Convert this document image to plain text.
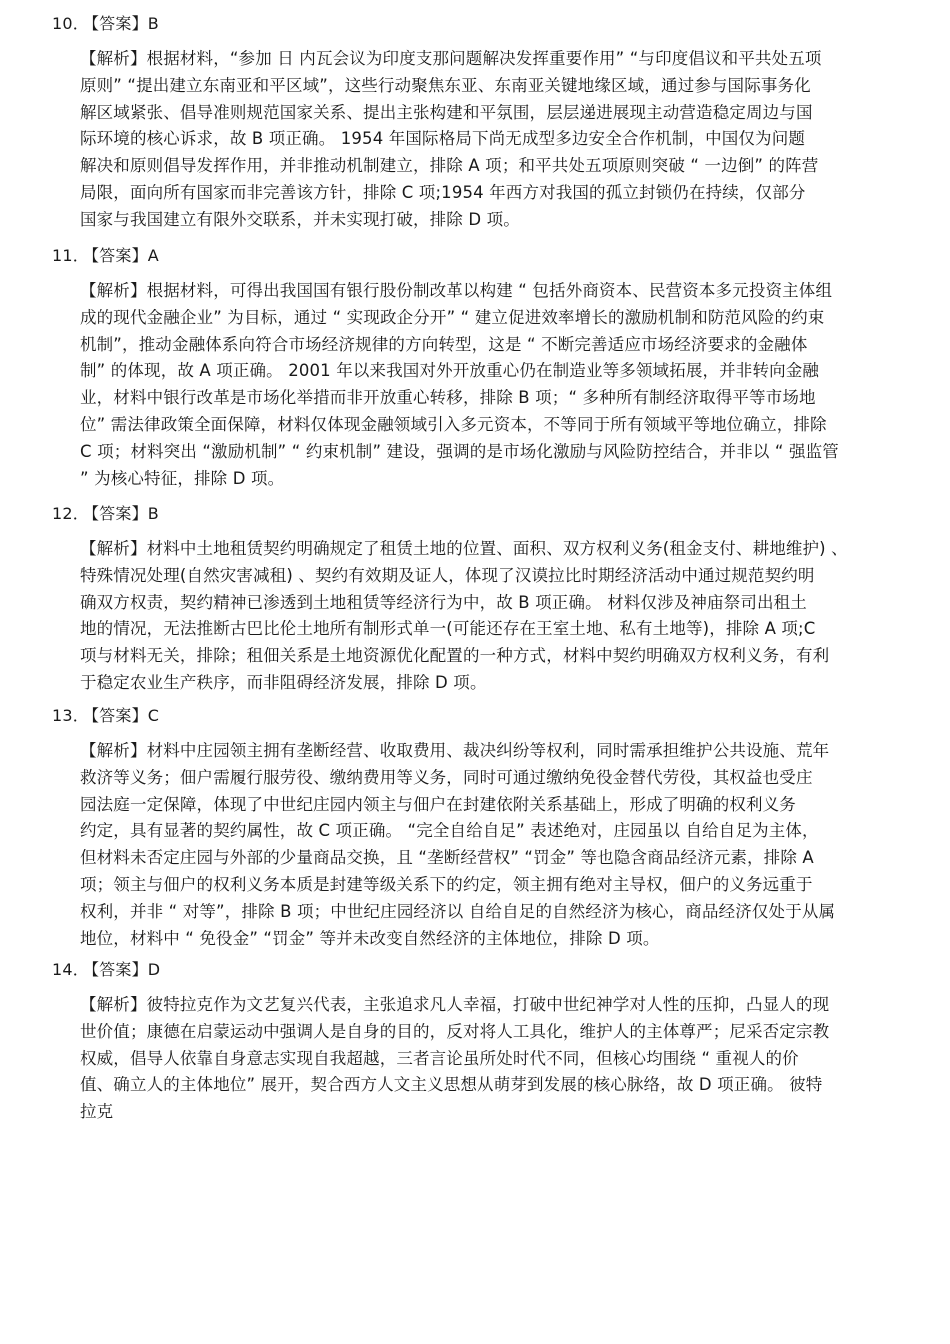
10． 【答案】B
【解析】根据材料，“参加 日 内瓦会议为印度支那问题解决发挥重要作用” “与印度倡议和平共处五项
原则” “提出建立东南亚和平区域”，这些行动聚焦东亚、东南亚关键地缘区域，通过参与国际事务化
解区域紧张、倡导准则规范国家关系、提出主张构建和平氛围，层层递进展现主动营造稳定周边与国
际环境的核心诉求，故 B 项正确。 1954 年国际格局下尚无成型多边安全合作机制，中国仅为问题
解决和原则倡导发挥作用，并非推动机制建立，排除 A 项；和平共处五项原则突破 “ 一边倒” 的阵营
局限，面向所有国家而非完善该方针，排除 C 项;1954 年西方对我国的孤立封锁仍在持续，仅部分
国家与我国建立有限外交联系，并未实现打破，排除 D 项。
11． 【答案】A
【解析】根据材料，可得出我国国有银行股份制改革以构建 “ 包括外商资本、民营资本多元投资主体组
成的现代金融企业” 为目标，通过 “ 实现政企分开” “ 建立促进效率增长的激励机制和防范风险的约束
机制”，推动金融体系向符合市场经济规律的方向转型，这是 “ 不断完善适应市场经济要求的金融体
制” 的体现，故 A 项正确。 2001 年以来我国对外开放重心仍在制造业等多领域拓展，并非转向金融
业，材料中银行改革是市场化举措而非开放重心转移，排除 B 项；“ 多种所有制经济取得平等市场地
位” 需法律政策全面保障，材料仅体现金融领域引入多元资本，不等同于所有领域平等地位确立，排除
C 项；材料突出 “激励机制” “ 约束机制” 建设，强调的是市场化激励与风险防控结合，并非以 “ 强监管
” 为核心特征，排除 D 项。
12． 【答案】B
【解析】材料中土地租赁契约明确规定了租赁土地的位置、面积、双方权利义务(租金支付、耕地维护) 、
特殊情况处理(自然灾害减租) 、契约有效期及证人，体现了汉谟拉比时期经济活动中通过规范契约明
确双方权责，契约精神已渗透到土地租赁等经济行为中，故 B 项正确。 材料仅涉及神庙祭司出租土
地的情况，无法推断古巴比伦土地所有制形式单一(可能还存在王室土地、私有土地等)，排除 A 项;C
项与材料无关，排除；租佃关系是土地资源优化配置的一种方式，材料中契约明确双方权利义务，有利
于稳定农业生产秩序，而非阻碍经济发展，排除 D 项。
13． 【答案】C
【解析】材料中庄园领主拥有垄断经营、收取费用、裁决纠纷等权利，同时需承担维护公共设施、荒年
救济等义务；佃户需履行服劳役、缴纳费用等义务，同时可通过缴纳免役金替代劳役，其权益也受庄
园法庭一定保障，体现了中世纪庄园内领主与佃户在封建依附关系基础上，形成了明确的权利义务
约定，具有显著的契约属性，故 C 项正确。 “完全自给自足” 表述绝对，庄园虽以 自给自足为主体，
但材料未否定庄园与外部的少量商品交换，且 “垄断经营权” “罚金” 等也隐含商品经济元素，排除 A
项；领主与佃户的权利义务本质是封建等级关系下的约定，领主拥有绝对主导权，佃户的义务远重于
权利，并非 “ 对等”，排除 B 项；中世纪庄园经济以 自给自足的自然经济为核心，商品经济仅处于从属
地位，材料中 “ 免役金” “罚金” 等并未改变自然经济的主体地位，排除 D 项。
14． 【答案】D
【解析】彼特拉克作为文艺复兴代表，主张追求凡人幸福，打破中世纪神学对人性的压抑，凸显人的现
世价值；康德在启蒙运动中强调人是自身的目的，反对将人工具化，维护人的主体尊严；尼采否定宗教
权威，倡导人依靠自身意志实现自我超越，三者言论虽所处时代不同，但核心均围绕 “ 重视人的价
值、确立人的主体地位” 展开，契合西方人文主义思想从萌芽到发展的核心脉络，故 D 项正确。 彼特
拉克
